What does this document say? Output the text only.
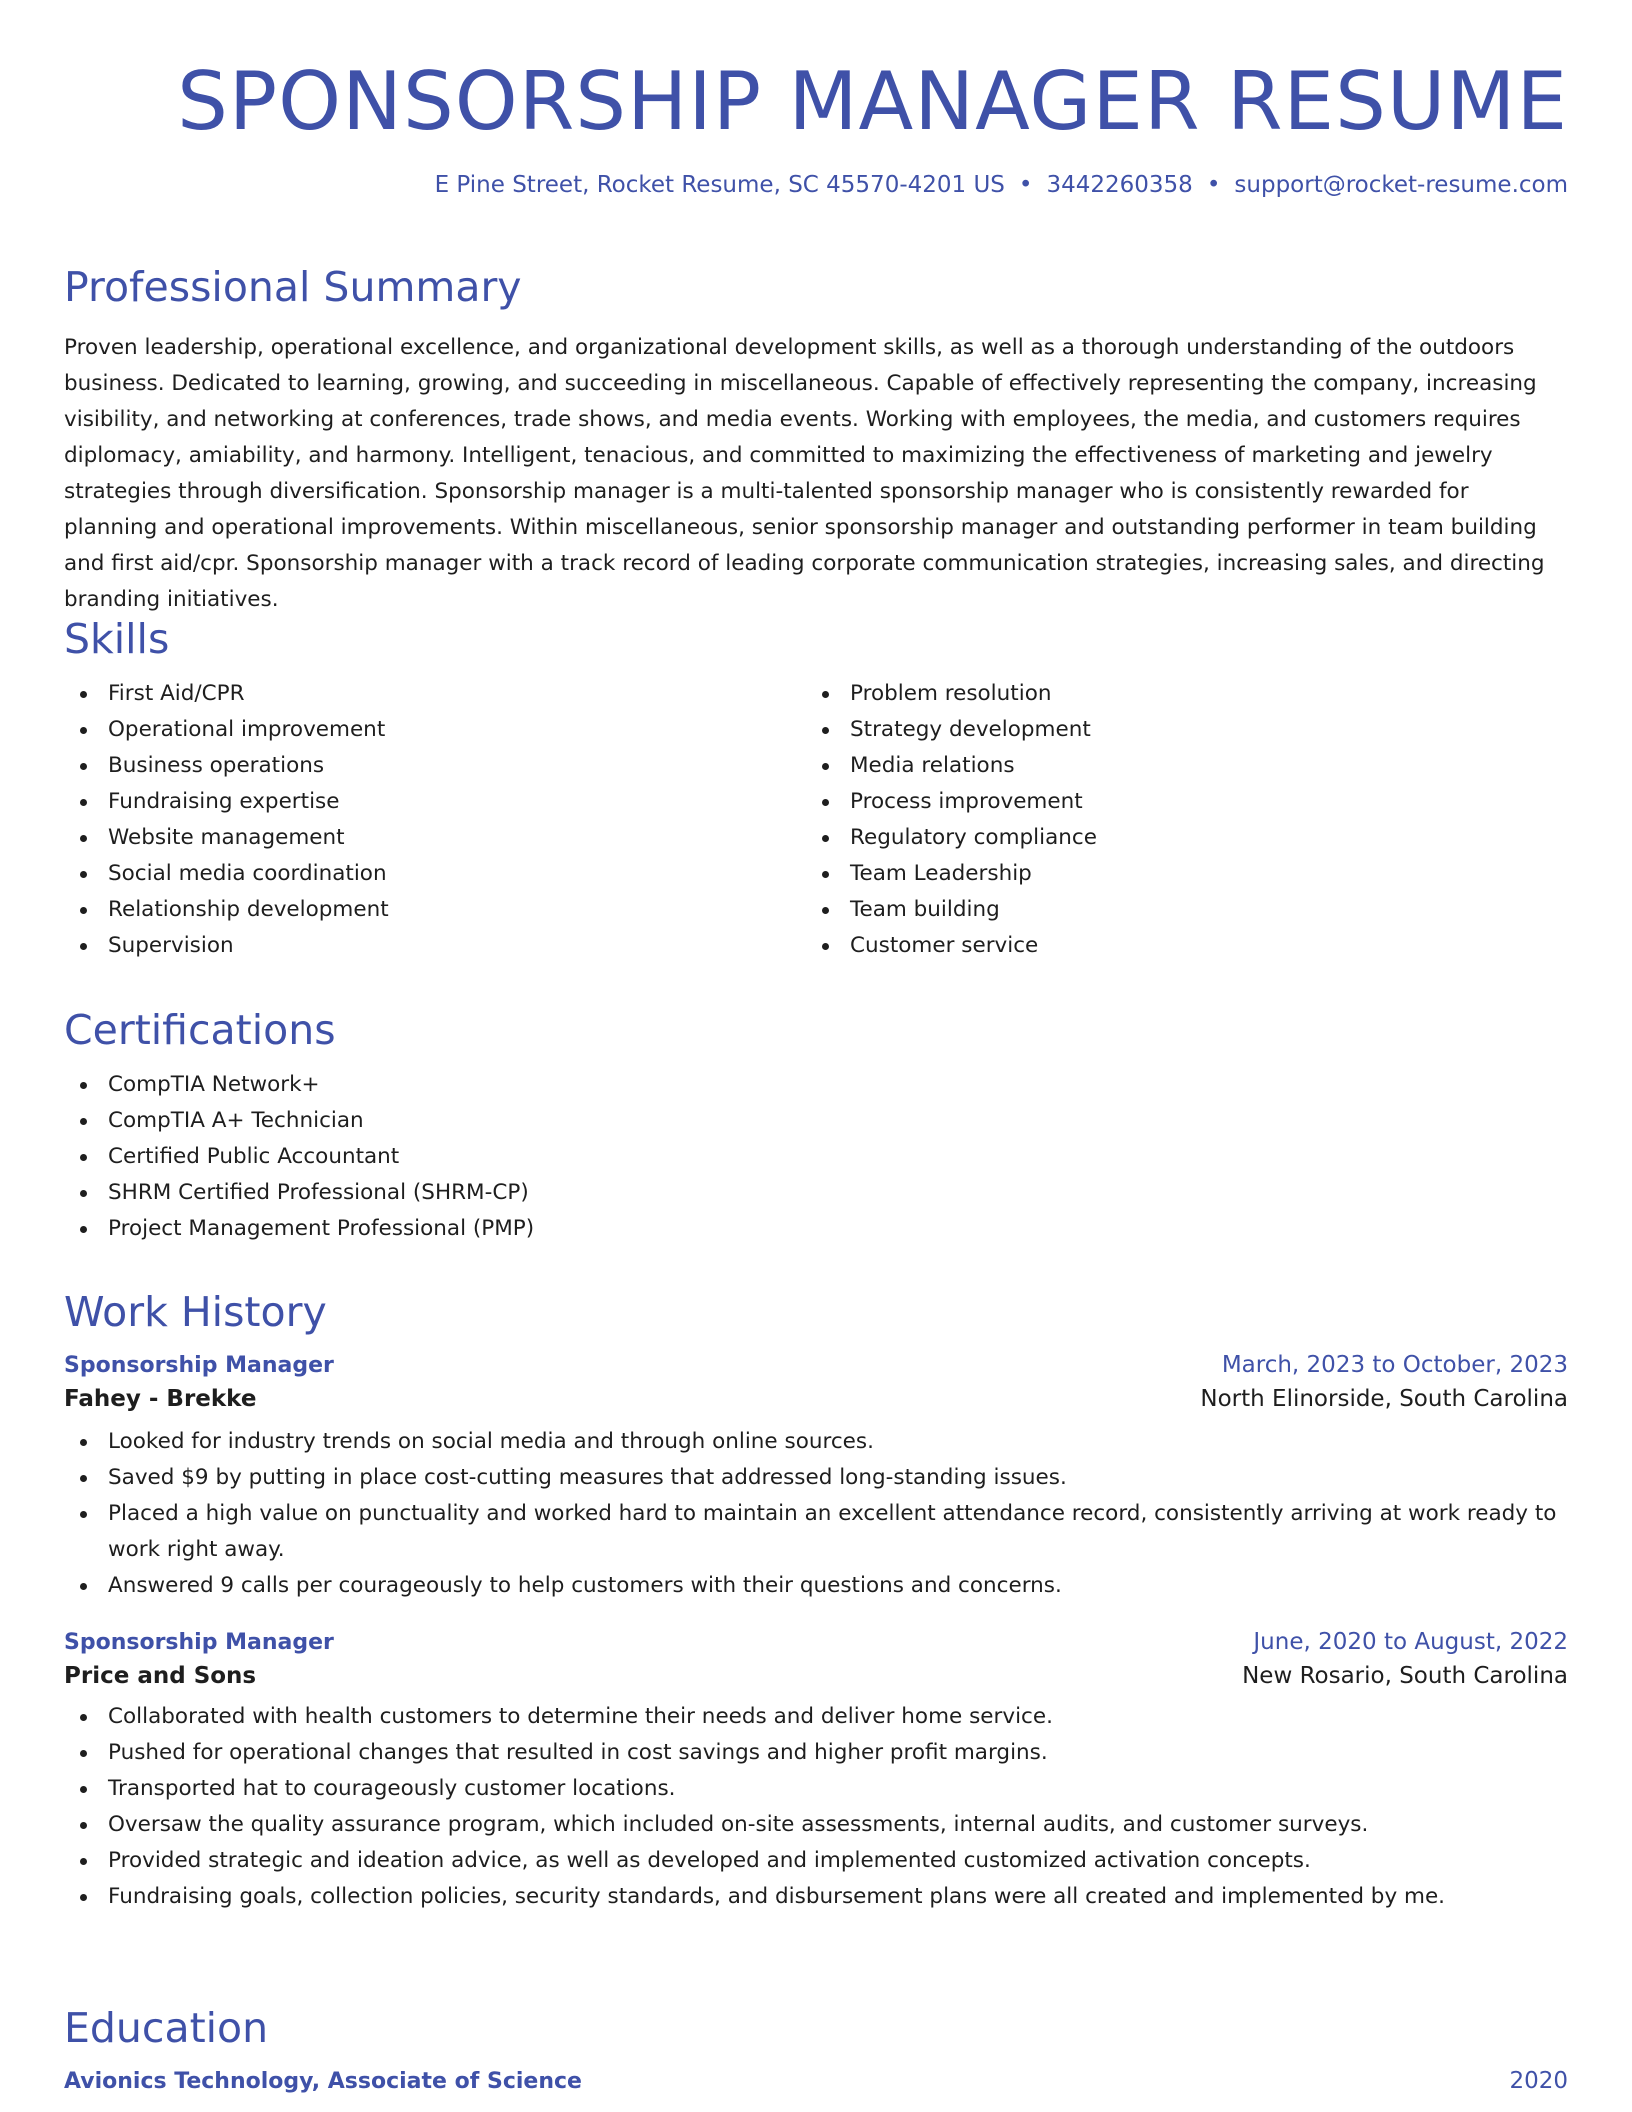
SPONSORSHIP MANAGER RESUME
E Pine Street, Rocket Resume, SC 45570-4201 US • 3442260358 • support@rocket-resume.com
Professional Summary

Proven leadership, operational excellence, and organizational development skills, as well as a thorough understanding of the outdoors business. Dedicated to learning, growing, and succeeding in miscellaneous. Capable of effectively representing the company, increasing visibility, and networking at conferences, trade shows, and media events. Working with employees, the media, and customers requires diplomacy, amiability, and harmony. Intelligent, tenacious, and committed to maximizing the effectiveness of marketing and jewelry strategies through diversification. Sponsorship manager is a multi-talented sponsorship manager who is consistently rewarded for planning and operational improvements. Within miscellaneous, senior sponsorship manager and outstanding performer in team building and first aid/cpr. Sponsorship manager with a track record of leading corporate communication strategies, increasing sales, and directing branding initiatives.

Skills
First Aid/CPR
Operational improvement
Business operations
Fundraising expertise
Website management
Social media coordination
Relationship development
Supervision
Problem resolution
Strategy development
Media relations
Process improvement
Regulatory compliance
Team Leadership
Team building
Customer service
Certifications
CompTIA Network+
CompTIA A+ Technician
Certified Public Accountant
SHRM Certified Professional (SHRM-CP)
Project Management Professional (PMP)
Work History
Sponsorship Manager	March, 2023 to October, 2023
Fahey - Brekke	North Elinorside, South Carolina
Looked for industry trends on social media and through online sources.
Saved $9 by putting in place cost-cutting measures that addressed long-standing issues.
Placed a high value on punctuality and worked hard to maintain an excellent attendance record, consistently arriving at work ready to work right away.
Answered 9 calls per courageously to help customers with their questions and concerns.
Sponsorship Manager	June, 2020 to August, 2022
Price and Sons	New Rosario, South Carolina
Collaborated with health customers to determine their needs and deliver home service.
Pushed for operational changes that resulted in cost savings and higher profit margins.
Transported hat to courageously customer locations.
Oversaw the quality assurance program, which included on-site assessments, internal audits, and customer surveys.
Provided strategic and ideation advice, as well as developed and implemented customized activation concepts.
Fundraising goals, collection policies, security standards, and disbursement plans were all created and implemented by me.
Education
Avionics Technology, Associate of Science	2020
